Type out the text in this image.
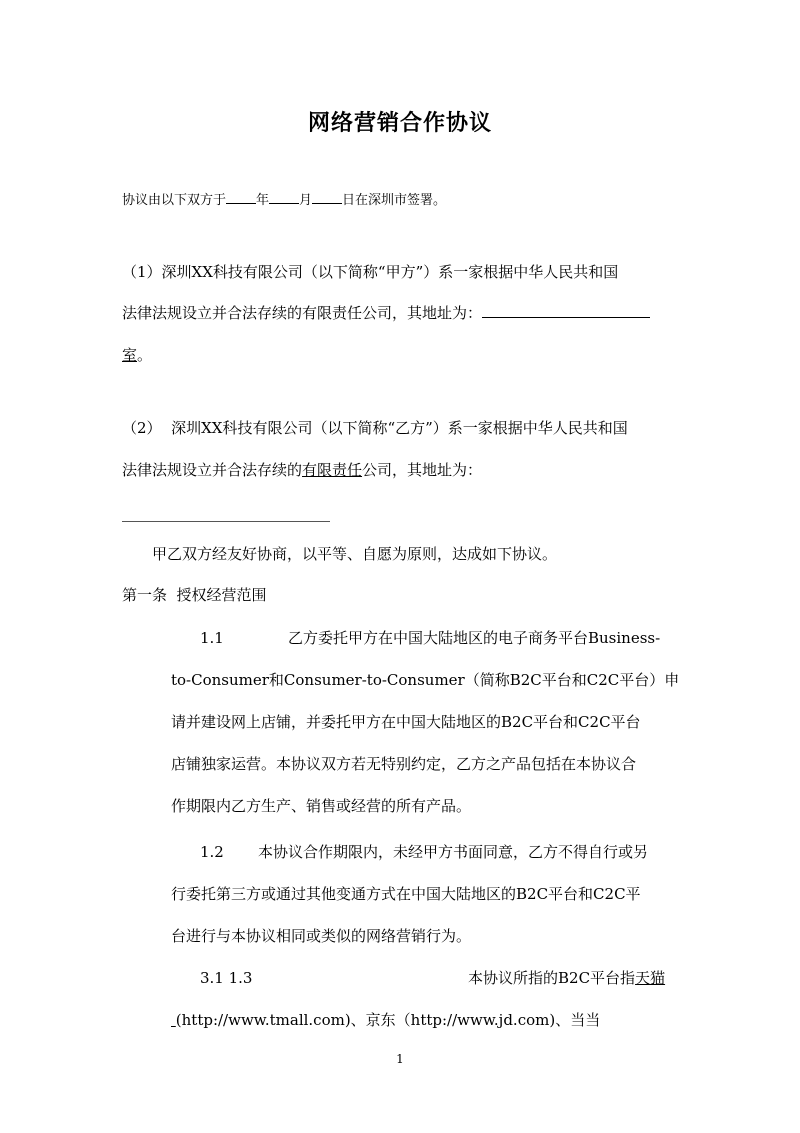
网络营销合作协议
协议由以下双方于 年 月 日在深圳市签署。
（1）深圳XX科技有限公司（以下简称“甲方”）系一家根据中华人民共和国
法律法规设立并合法存续的有限责任公司，其地址为：
室。
（2）  深圳XX科技有限公司（以下简称“乙方”）系一家根据中华人民共和国
法律法规设立并合法存续的有限责任公司，其地址为：
甲乙双方经友好协商，以平等、自愿为原则，达成如下协议。
第一条  授权经营范围
1.1	乙方委托甲方在中国大陆地区的电子商务平台Business-
to-Consumer和Consumer-to-Consumer（简称B2C平台和C2C平台）申
请并建设网上店铺，并委托甲方在中国大陆地区的B2C平台和C2C平台
店铺独家运营。本协议双方若无特别约定，乙方之产品包括在本协议合
作期限内乙方生产、销售或经营的所有产品。
1.2 本协议合作期限内，未经甲方书面同意，乙方不得自行或另
行委托第三方或通过其他变通方式在中国大陆地区的B2C平台和C2C平
台进行与本协议相同或类似的网络营销行为。
3.1 1.3	本协议所指的B2C平台指天猫
(http://www.tmall.com)、京东（http://www.jd.com)、当当
1
